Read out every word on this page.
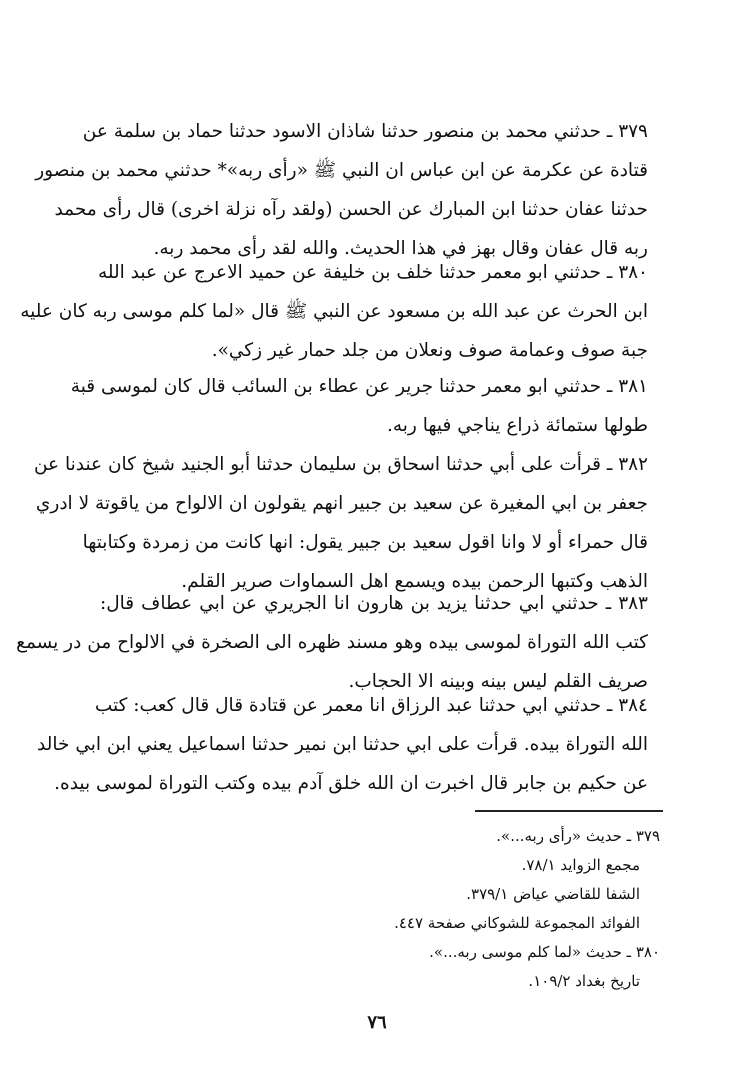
٣٧٩ ـ حدثني محمد بن منصور حدثنا شاذان الاسود حدثنا حماد بن سلمة عن
قتادة عن عكرمة عن ابن عباس ان النبي ﷺ «رأى ربه»* حدثني محمد بن منصور
حدثنا عفان حدثنا ابن المبارك عن الحسن (ولقد رآه نزلة اخرى) قال رأى محمد
ربه قال عفان وقال بهز في هذا الحديث. والله لقد رأى محمد ربه.
٣٨٠ ـ حدثني ابو معمر حدثنا خلف بن خليفة عن حميد الاعرج عن عبد الله
ابن الحرث عن عبد الله بن مسعود عن النبي ﷺ قال «لما كلم موسى ربه كان عليه
جبة صوف وعمامة صوف ونعلان من جلد حمار غير زكي».
٣٨١ ـ حدثني ابو معمر حدثنا جرير عن عطاء بن السائب قال كان لموسى قبة
طولها ستمائة ذراع يناجي فيها ربه.
٣٨٢ ـ قرأت على أبي حدثنا اسحاق بن سليمان حدثنا أبو الجنيد شيخ كان عندنا عن
جعفر بن ابي المغيرة عن سعيد بن جبير انهم يقولون ان الالواح من ياقوتة لا ادري
قال حمراء أو لا وانا اقول سعيد بن جبير يقول: انها كانت من زمردة وكتابتها
الذهب وكتبها الرحمن بيده ويسمع اهل السماوات صرير القلم.
٣٨٣ ـ حدثني ابي حدثنا يزيد بن هارون انا الجريري عن ابي عطاف قال:
كتب الله التوراة لموسى بيده وهو مسند ظهره الى الصخرة في الالواح من در يسمع
صريف القلم ليس بينه وبينه الا الحجاب.
٣٨٤ ـ حدثني ابي حدثنا عبد الرزاق انا معمر عن قتادة قال قال كعب: كتب
الله التوراة بيده. قرأت على ابي حدثنا ابن نمير حدثنا اسماعيل يعني ابن ابي خالد
عن حكيم بن جابر قال اخبرت ان الله خلق آدم بيده وكتب التوراة لموسى بيده.
٣٧٩ ـ حديث «رأى ربه...».
مجمع الزوايد ٧٨/١.
الشفا للقاضي عياض ٣٧٩/١.
الفوائد المجموعة للشوكاني صفحة ٤٤٧.
٣٨٠ ـ حديث «لما كلم موسى ربه...».
تاريخ بغداد ١٠٩/٢.
٧٦
